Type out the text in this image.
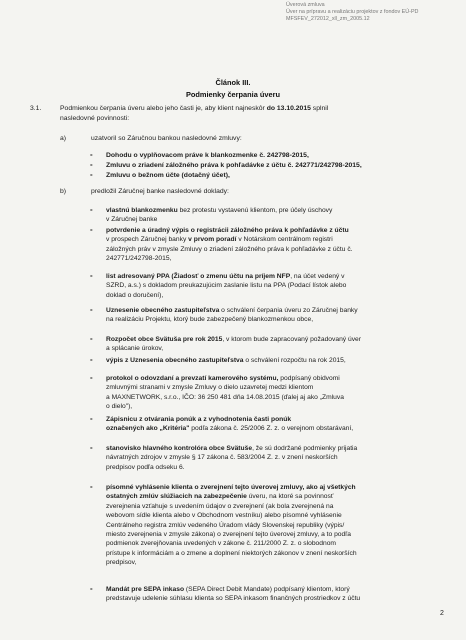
Úverová zmluva
Úver na prípravu a realizáciu projektov z fondov EÚ-PD
MFSFEV_272012_xll_zm_2005.12
Článok III.
Podmienky čerpania úveru
3.1.	Podmienkou čerpania úveru alebo jeho časti je, aby klient najneskôr do 13.10.2015 splnil
nasledovné povinnosti:
a)	uzatvoril so Záručnou bankou nasledovné zmluvy:
- Dohodu o vyplňovacom práve k blankozmenke č. 242798-2015,
- Zmluvu o zriadení záložného práva k pohľadávke z účtu č. 242771/242798-2015,
- Zmluvu o bežnom účte (dotačný účet),
b)	predložil Záručnej banke nasledovné doklady:
2
- vlastnú blankozmenku bez protestu vystavenú klientom, pre účely úschovy
v Záručnej banke
- potvrdenie a úradný výpis o registrácii záložného práva k pohľadávke z účtu
v prospech Záručnej banky v prvom poradí v Notárskom centrálnom registri
záložných práv v zmysle Zmluvy o zriadení záložného práva k pohľadávke z účtu č.
242771/242798-2015,
- list adresovaný PPA (Žiadosť o zmenu účtu na príjem NFP, na účet vedený v
SZRD, a.s.) s dokladom preukazujúcim zaslanie listu na PPA (Podací lístok alebo
doklad o doručení),
- Uznesenie obecného zastupiteľstva o schválení čerpania úveru zo Záručnej banky
na realizáciu Projektu, ktorý bude zabezpečený blankozmenkou obce,
- Rozpočet obce Svätuša pre rok 2015, v ktorom bude zapracovaný požadovaný úver
a splácanie úrokov,
- výpis z Uznesenia obecného zastupiteľstva o schválení rozpočtu na rok 2015,
- protokol o odovzdaní a prevzatí kamerového systému, podpísaný obidvomi
zmluvnými stranami v zmysle Zmluvy o dielo uzavretej medzi klientom
a MAXNETWORK, s.r.o., IČO: 36 250 481 dňa 14.08.2015 (ďalej aj ako „Zmluva
o dielo"),
- Zápisnicu z otvárania ponúk a z vyhodnotenia časti ponúk
označených ako „Kritéria" podľa zákona č. 25/2006 Z. z. o verejnom obstarávaní,
- stanovisko hlavného kontrolóra obce Svätuše, že sú dodržané podmienky prijatia
návratných zdrojov v zmysle § 17 zákona č. 583/2004 Z. z. v znení neskorších
predpisov podľa odseku 6.
- písomné vyhlásenie klienta o zverejnení tejto úverovej zmluvy, ako aj všetkých
ostatných zmlúv slúžiacich na zabezpečenie úveru, na ktoré sa povinnosť
zverejnenia vzťahuje s uvedením údajov o zverejnení (ak bola zverejnená na
webovom sídle klienta alebo v Obchodnom vestníku) alebo písomné vyhlásenie
Centrálneho registra zmlúv vedeného Úradom vlády Slovenskej republiky (výpis/
miesto zverejnenia v zmysle zákona) o zverejnení tejto úverovej zmluvy, a to podľa
podmienok zverejňovania uvedených v zákone č. 211/2000 Z. z. o slobodnom
prístupe k informáciám a o zmene a doplnení niektorých zákonov v znení neskorších
predpisov,
- Mandát pre SEPA inkaso (SEPA Direct Debit Mandate) podpísaný klientom, ktorý
predstavuje udelenie súhlasu klienta so SEPA inkasom finančných prostriedkov z účtu
